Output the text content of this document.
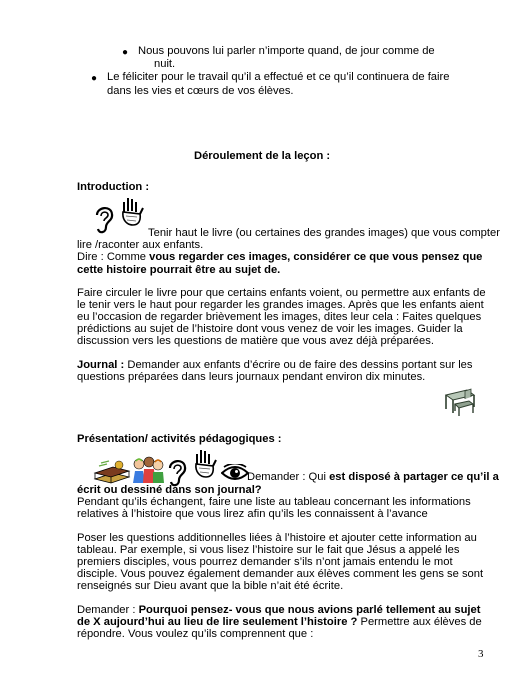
● Nous pouvons lui parler n’importe quand, de jour comme de
nuit.
● Le féliciter pour le travail qu’il a effectué et ce qu’il continuera de faire
dans les vies et cœurs de vos élèves.
Déroulement de la leçon :
Introduction :
Tenir haut le livre (ou certaines des grandes images) que vous compter
lire /raconter aux enfants.
Dire : Comme vous regarder ces images, considérer ce que vous pensez que
cette histoire pourrait être au sujet de.
Faire circuler le livre pour que certains enfants voient, ou permettre aux enfants de
le tenir vers le haut pour regarder les grandes images. Après que les enfants aient
eu l’occasion de regarder brièvement les images, dites leur cela : Faites quelques
prédictions au sujet de l’histoire dont vous venez de voir les images. Guider la
discussion vers les questions de matière que vous avez déjà préparées.
Journal : Demander aux enfants d’écrire ou de faire des dessins portant sur les
questions préparées dans leurs journaux pendant environ dix minutes.
Présentation/ activités pédagogiques :
Demander : Qui est disposé à partager ce qu’il a
écrit ou dessiné dans son journal?
Pendant qu’ils échangent, faire une liste au tableau concernant les informations
relatives à l’histoire que vous lirez afin qu’ils les connaissent à l’avance
Poser les questions additionnelles liées à l’histoire et ajouter cette information au
tableau. Par exemple, si vous lisez l’histoire sur le fait que Jésus a appelé les
premiers disciples, vous pourrez demander s’ils n’ont jamais entendu le mot
disciple. Vous pouvez également demander aux élèves comment les gens se sont
renseignés sur Dieu avant que la bible n’ait été écrite.
Demander : Pourquoi pensez- vous que nous avions parlé tellement au sujet
de X aujourd’hui au lieu de lire seulement l’histoire ? Permettre aux élèves de
répondre. Vous voulez qu’ils comprennent que :
3
